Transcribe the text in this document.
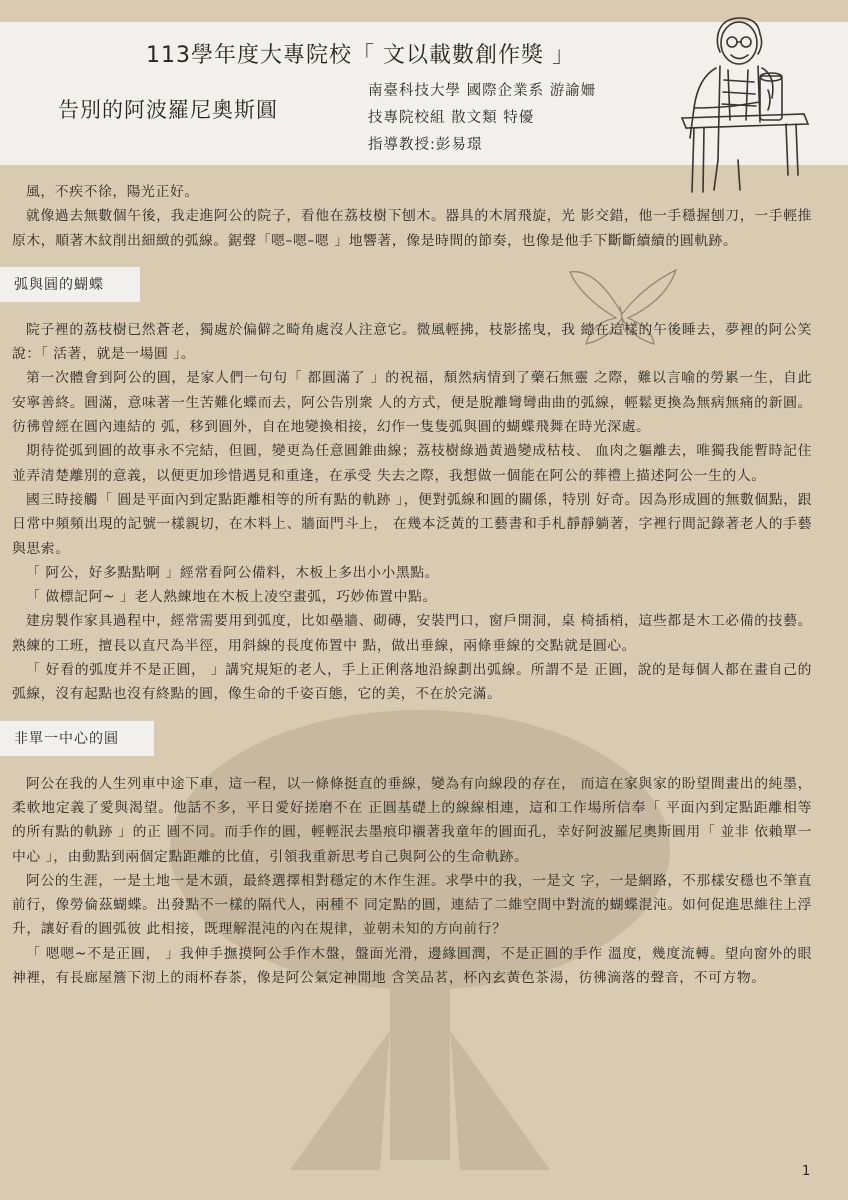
113學年度大專院校「 文以載數創作獎 」
告別的阿波羅尼奧斯圓
南臺科技大學 國際企業系 游諭姍
技專院校組 散文類 特優
指導教授:彭易璟

風，不疾不徐，陽光正好。

就像過去無數個午後，我走進阿公的院子，看他在荔枝樹下刨木。器具的木屑飛旋，光 影交錯，他一手穩握刨刀，一手輕推原木，順著木紋削出細緻的弧線。鋸聲「嗯–嗯–嗯 」地響著，像是時間的節奏，也像是他手下斷斷續續的圓軌跡。

弧與圓的蝴蝶

院子裡的荔枝樹已然蒼老，獨處於偏僻之畸角處沒人注意它。微風輕拂，枝影搖曳，我 總在這樣的午後睡去，夢裡的阿公笑說：「 活著，就是一場圓 」。

第一次體會到阿公的圓，是家人們一句句「 都圓滿了 」的祝福，頹然病情到了藥石無靈 之際，難以言喻的勞累一生，自此安寧善終。圓滿，意味著一生苦難化蝶而去，阿公告別衆 人的方式，便是脫離彎彎曲曲的弧線，輕鬆更換為無病無痛的新圓。彷彿曾經在圓內連結的 弧，移到圓外，自在地變換相接，幻作一隻隻弧與圓的蝴蝶飛舞在時光深處。

期待從弧到圓的故事永不完結，但圓，變更為任意圓錐曲線；荔枝樹綠過黃過變成枯枝、 血肉之軀離去，唯獨我能暫時記住並弄清楚離別的意義，以便更加珍惜遇見和重逢，在承受 失去之際，我想做一個能在阿公的葬禮上描述阿公一生的人。

國三時接觸「 圓是平面內到定點距離相等的所有點的軌跡 」，便對弧線和圓的關係，特別 好奇。因為形成圓的無數個點，跟日常中頻頻出現的記號一樣親切，在木料上、牆面門斗上， 在幾本泛黃的工藝書和手札靜靜躺著，字裡行間記錄著老人的手藝與思索。

「 阿公，好多點點啊 」經常看阿公備料，木板上多出小小黑點。

「 做標記阿~ 」老人熟練地在木板上凌空畫弧，巧妙佈置中點。

建房製作家具過程中，經常需要用到弧度，比如壘牆、砌磚，安裝門口，窗戶開洞，桌 椅插梢，這些都是木工必備的技藝。熟練的工班，擅長以直尺為半徑，用斜線的長度佈置中 點，做出垂線，兩條垂線的交點就是圓心。

「 好看的弧度并不是正圓， 」講究規矩的老人，手上正俐落地沿線劃出弧線。所謂不是 正圓，說的是每個人都在畫自己的弧線，沒有起點也沒有終點的圓，像生命的千姿百態，它的美，不在於完滿。

非單一中心的圓

阿公在我的人生列車中途下車，這一程，以一條條挺直的垂線，變為有向線段的存在， 而這在家與家的盼望間畫出的純墨，柔軟地定義了愛與渴望。他話不多，平日愛好搓磨不在 正圓基礎上的線線相連，這和工作場所信奉「 平面內到定點距離相等的所有點的軌跡 」的正 圓不同。而手作的圓，輕輕泯去墨痕印襯著我童年的圓面孔，幸好阿波羅尼奧斯圓用「 並非 依賴單一中心 」，由動點到兩個定點距離的比值，引領我重新思考自己與阿公的生命軌跡。

阿公的生涯，一是土地一是木頭，最終選擇相對穩定的木作生涯。求學中的我，一是文 字，一是網路，不那樣安穩也不筆直前行，像勞倫茲蝴蝶。出發點不一樣的隔代人，兩種不 同定點的圓，連結了二維空間中對流的蝴蝶混沌。如何促進思維往上浮升，讓好看的圓弧彼 此相接，既理解混沌的內在規律，並朝未知的方向前行？

「 嗯嗯~不是正圓， 」我伸手撫摸阿公手作木盤，盤面光滑，邊緣圓潤，不是正圓的手作 溫度，幾度流轉。望向窗外的眼神裡，有長廊屋簷下沏上的雨杯春茶，像是阿公氣定神閒地 含笑品茗，杯內玄黃色茶湯，彷彿滴落的聲音，不可方物。

1
